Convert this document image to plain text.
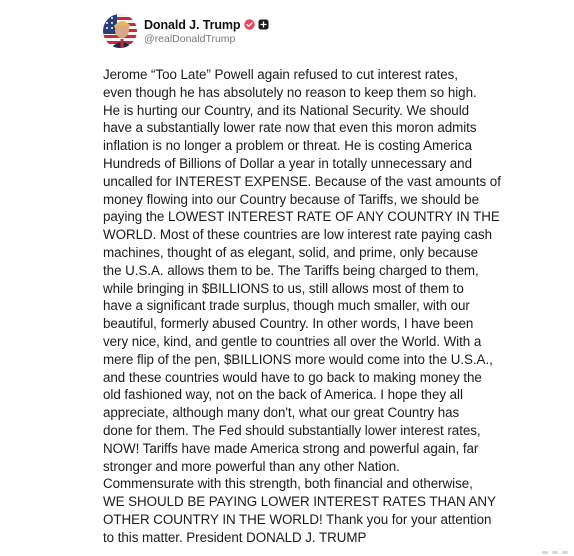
Donald J. Trump
@realDonaldTrump
Jerome “Too Late” Powell again refused to cut interest rates,
even though he has absolutely no reason to keep them so high.
He is hurting our Country, and its National Security. We should
have a substantially lower rate now that even this moron admits
inflation is no longer a problem or threat. He is costing America
Hundreds of Billions of Dollar a year in totally unnecessary and
uncalled for INTEREST EXPENSE. Because of the vast amounts of
money flowing into our Country because of Tariffs, we should be
paying the LOWEST INTEREST RATE OF ANY COUNTRY IN THE
WORLD. Most of these countries are low interest rate paying cash
machines, thought of as elegant, solid, and prime, only because
the U.S.A. allows them to be. The Tariffs being charged to them,
while bringing in $BILLIONS to us, still allows most of them to
have a significant trade surplus, though much smaller, with our
beautiful, formerly abused Country. In other words, I have been
very nice, kind, and gentle to countries all over the World. With a
mere flip of the pen, $BILLIONS more would come into the U.S.A.,
and these countries would have to go back to making money the
old fashioned way, not on the back of America. I hope they all
appreciate, although many don't, what our great Country has
done for them. The Fed should substantially lower interest rates,
NOW! Tariffs have made America strong and powerful again, far
stronger and more powerful than any other Nation.
Commensurate with this strength, both financial and otherwise,
WE SHOULD BE PAYING LOWER INTEREST RATES THAN ANY
OTHER COUNTRY IN THE WORLD! Thank you for your attention
to this matter. President DONALD J. TRUMP
